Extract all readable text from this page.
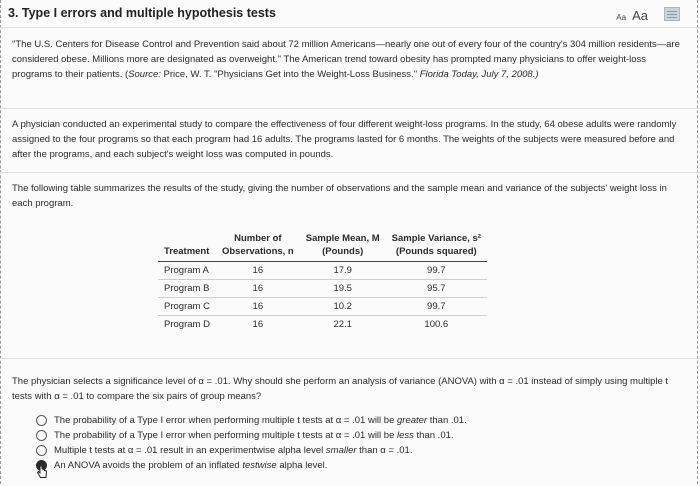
3. Type I errors and multiple hypothesis tests	Aa Aa
"The U.S. Centers for Disease Control and Prevention said about 72 million Americans—nearly one out of every four of the country's 304 million residents—are considered obese. Millions more are designated as overweight." The American trend toward obesity has prompted many physicians to offer weight-loss programs to their patients. (Source: Price, W. T. "Physicians Get into the Weight-Loss Business." Florida Today, July 7, 2008.)
A physician conducted an experimental study to compare the effectiveness of four different weight-loss programs. In the study, 64 obese adults were randomly assigned to the four programs so that each program had 16 adults. The programs lasted for 6 months. The weights of the subjects were measured before and after the programs, and each subject's weight loss was computed in pounds.
The following table summarizes the results of the study, giving the number of observations and the sample mean and variance of the subjects' weight loss in each program.
	Number of	Sample Mean, M	Sample Variance, s²
Treatment	Observations, n	(Pounds)	(Pounds squared)
Program A	16	17.9	99.7
Program B	16	19.5	95.7
Program C	16	10.2	99.7
Program D	16	22.1	100.6
The physician selects a significance level of α = .01. Why should she perform an analysis of variance (ANOVA) with α = .01 instead of simply using multiple t tests with α = .01 to compare the six pairs of group means?
The probability of a Type I error when performing multiple t tests at α = .01 will be greater than .01.
The probability of a Type I error when performing multiple t tests at α = .01 will be less than .01.
Multiple t tests at α = .01 result in an experimentwise alpha level smaller than α = .01.
An ANOVA avoids the problem of an inflated testwise alpha level.
